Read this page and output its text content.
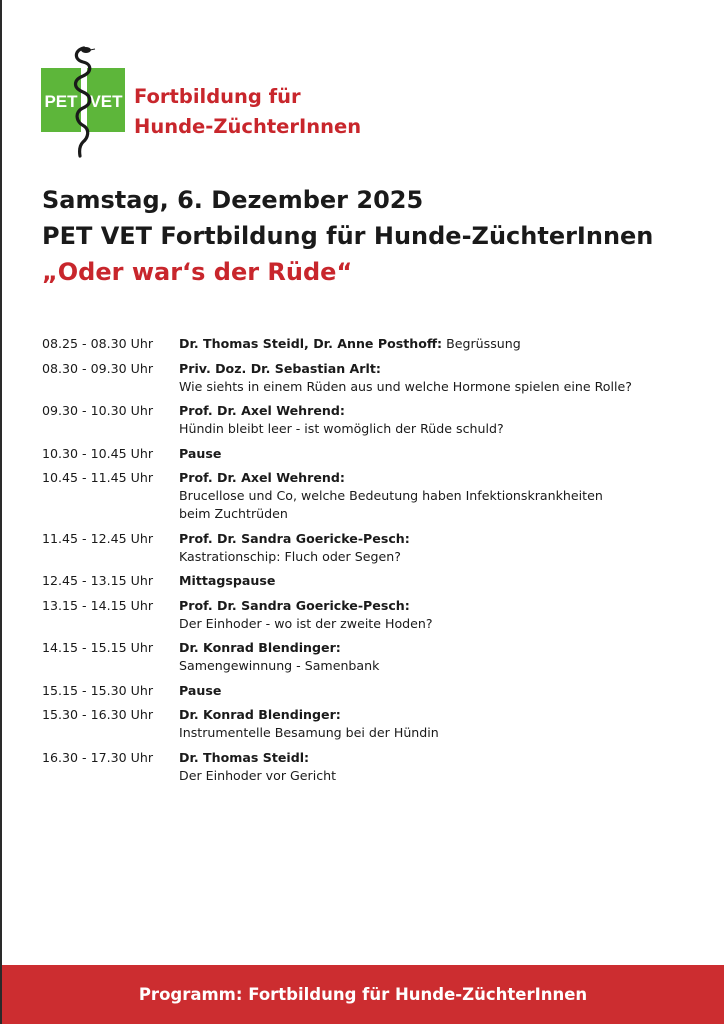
PET VET Fortbildung für
Hunde-ZüchterInnen
Samstag, 6. Dezember 2025
PET VET Fortbildung für Hunde-ZüchterInnen
„Oder war‘s der Rüde“
08.25 - 08.30 Uhr	Dr. Thomas Steidl, Dr. Anne Posthoff: Begrüssung
08.30 - 09.30 Uhr	Priv. Doz. Dr. Sebastian Arlt:
Wie siehts in einem Rüden aus und welche Hormone spielen eine Rolle?
09.30 - 10.30 Uhr	Prof. Dr. Axel Wehrend:
Hündin bleibt leer - ist womöglich der Rüde schuld?
10.30 - 10.45 Uhr	Pause
10.45 - 11.45 Uhr	Prof. Dr. Axel Wehrend:
Brucellose und Co, welche Bedeutung haben Infektionskrankheiten
beim Zuchtrüden
11.45 - 12.45 Uhr	Prof. Dr. Sandra Goericke-Pesch:
Kastrationschip: Fluch oder Segen?
12.45 - 13.15 Uhr	Mittagspause
13.15 - 14.15 Uhr	Prof. Dr. Sandra Goericke-Pesch:
Der Einhoder - wo ist der zweite Hoden?
14.15 - 15.15 Uhr	Dr. Konrad Blendinger:
Samengewinnung - Samenbank
15.15 - 15.30 Uhr	Pause
15.30 - 16.30 Uhr	Dr. Konrad Blendinger:
Instrumentelle Besamung bei der Hündin
16.30 - 17.30 Uhr	Dr. Thomas Steidl:
Der Einhoder vor Gericht
Programm: Fortbildung für Hunde-ZüchterInnen
